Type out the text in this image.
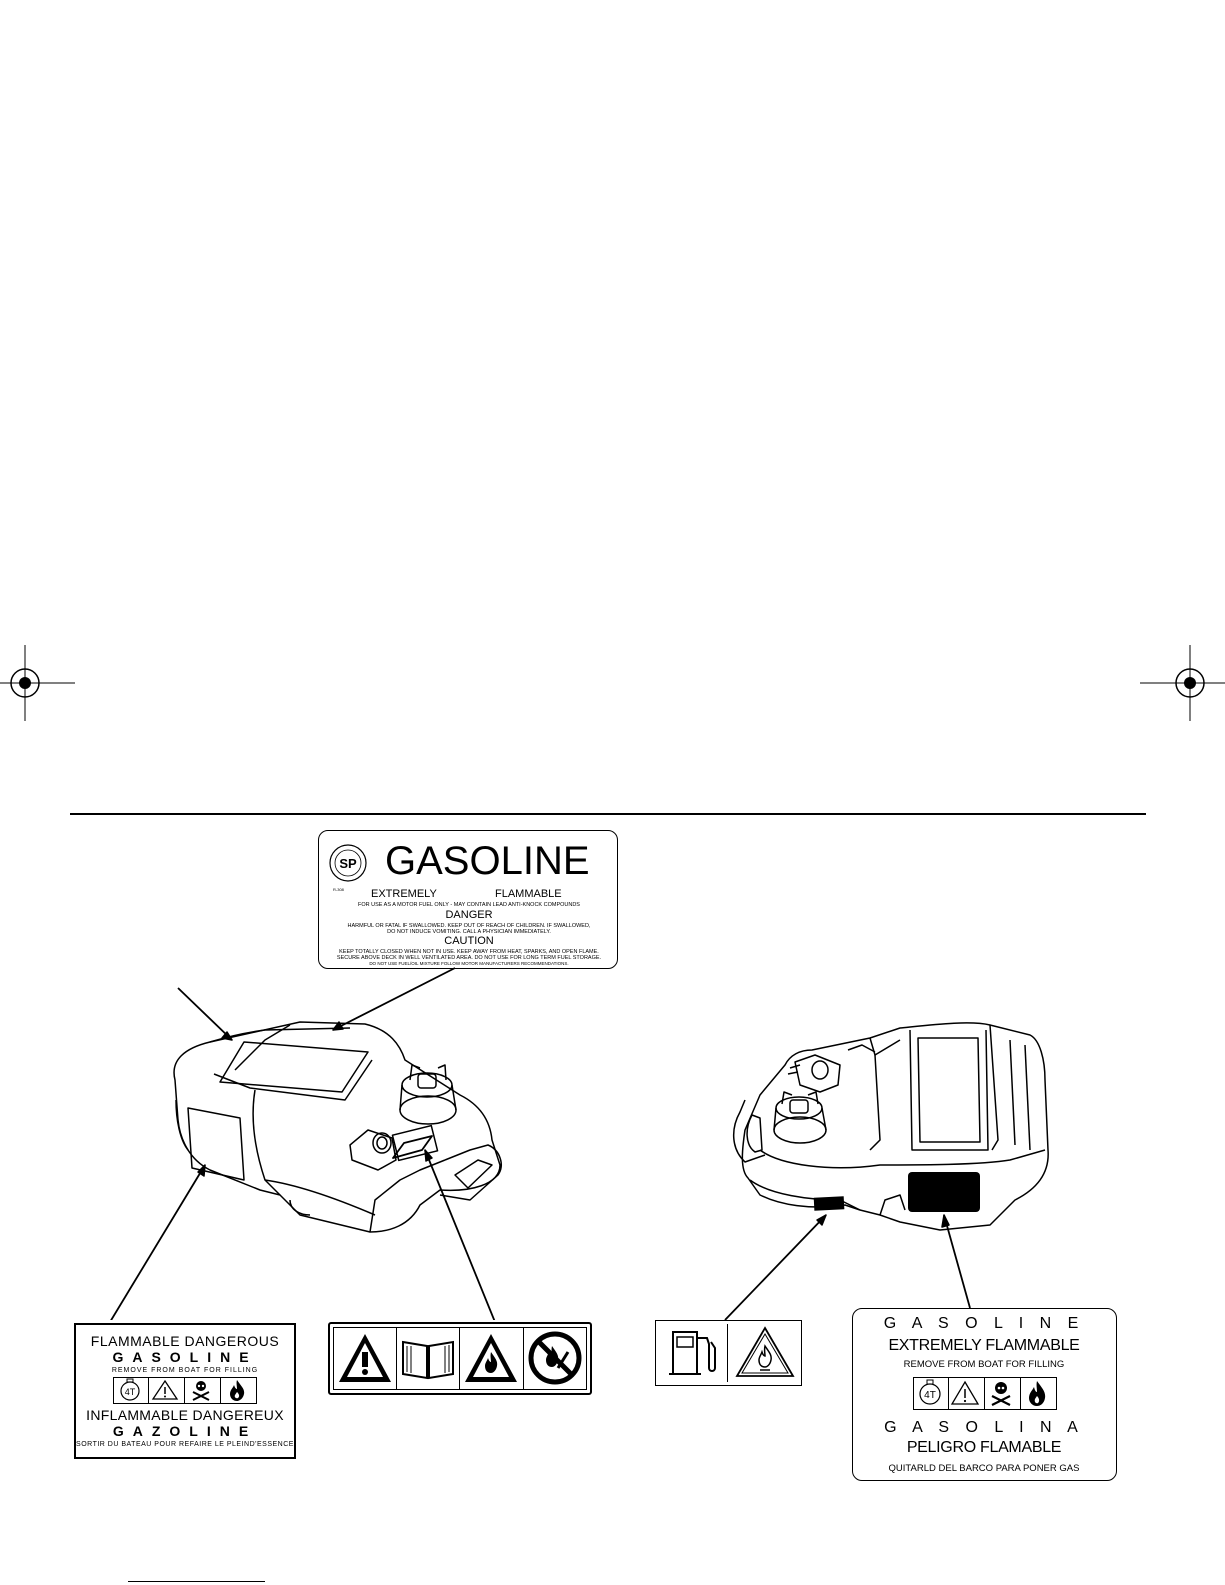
SP
R-308
GASOLINE
EXTREMELY	FLAMMABLE
FOR USE AS A MOTOR FUEL ONLY - MAY CONTAIN LEAD ANTI-KNOCK COMPOUNDS
DANGER
HARMFUL OR FATAL IF SWALLOWED. KEEP OUT OF REACH OF CHILDREN. IF SWALLOWED,
DO NOT INDUCE VOMITING. CALL A PHYSICIAN IMMEDIATELY.
CAUTION
KEEP TOTALLY CLOSED WHEN NOT IN USE. KEEP AWAY FROM HEAT, SPARKS, AND OPEN FLAME.
SECURE ABOVE DECK IN WELL VENTILATED AREA. DO NOT USE FOR LONG TERM FUEL STORAGE.
DO NOT USE FUEL/OIL MIXTURE FOLLOW MOTOR MANUFACTURERS RECOMMENDATIONS.
FLAMMABLE DANGEROUS
GASOLINE
REMOVE FROM BOAT FOR FILLING
4T
INFLAMMABLE DANGEREUX
GAZOLINE
SORTIR DU BATEAU POUR REFAIRE LE PLEIND'ESSENCE
G A S O L I N E
EXTREMELY FLAMMABLE
REMOVE FROM BOAT FOR FILLING
4T
G A S O L I N A
PELIGRO FLAMABLE
QUITARLD DEL BARCO PARA PONER GAS
